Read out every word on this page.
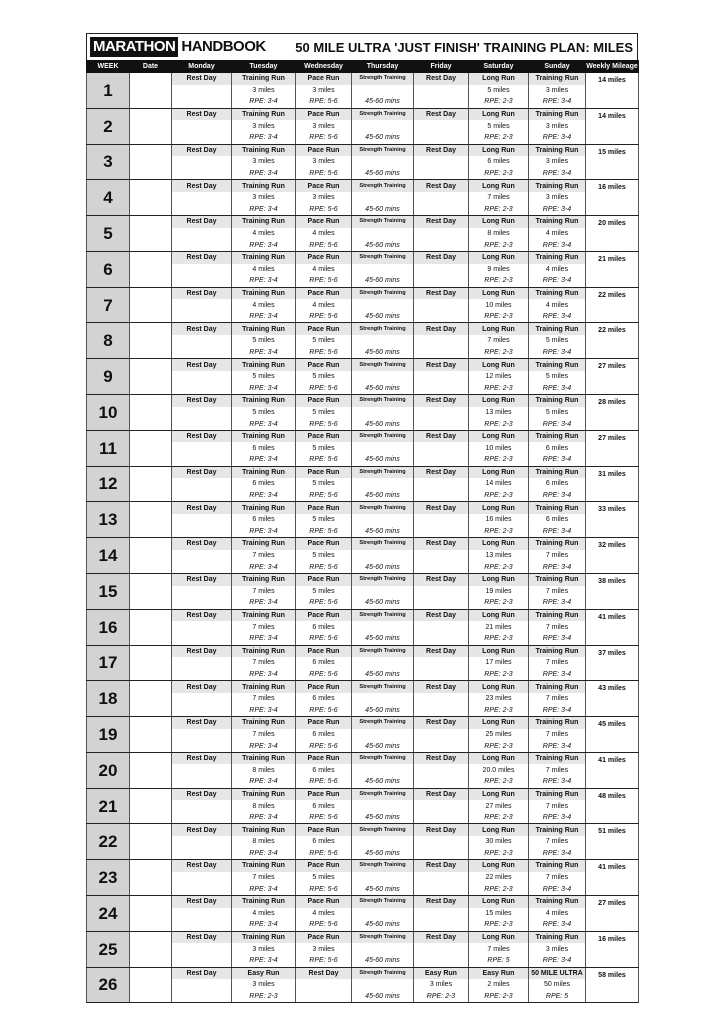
MARATHON HANDBOOK	50 MILE ULTRA 'JUST FINISH' TRAINING PLAN: MILES
WEEK	Date	Monday	Tuesday	Wednesday	Thursday	Friday	Saturday	Sunday	Weekly Mileage
1		Rest Day	Training Run	Pace Run	Strength Training	Rest Day	Long Run	Training Run	14 miles
			3 miles	3 miles			5 miles	3 miles	
			RPE: 3-4	RPE: 5-6	45-60 mins		RPE: 2-3	RPE: 3-4	
2		Rest Day	Training Run	Pace Run	Strength Training	Rest Day	Long Run	Training Run	14 miles
			3 miles	3 miles			5 miles	3 miles	
			RPE: 3-4	RPE: 5-6	45-60 mins		RPE: 2-3	RPE: 3-4	
3		Rest Day	Training Run	Pace Run	Strength Training	Rest Day	Long Run	Training Run	15 miles
			3 miles	3 miles			6 miles	3 miles	
			RPE: 3-4	RPE: 5-6	45-60 mins		RPE: 2-3	RPE: 3-4	
4		Rest Day	Training Run	Pace Run	Strength Training	Rest Day	Long Run	Training Run	16 miles
			3 miles	3 miles			7 miles	3 miles	
			RPE: 3-4	RPE: 5-6	45-60 mins		RPE: 2-3	RPE: 3-4	
5		Rest Day	Training Run	Pace Run	Strength Training	Rest Day	Long Run	Training Run	20 miles
			4 miles	4 miles			8 miles	4 miles	
			RPE: 3-4	RPE: 5-6	45-60 mins		RPE: 2-3	RPE: 3-4	
6		Rest Day	Training Run	Pace Run	Strength Training	Rest Day	Long Run	Training Run	21 miles
			4 miles	4 miles			9 miles	4 miles	
			RPE: 3-4	RPE: 5-6	45-60 mins		RPE: 2-3	RPE: 3-4	
7		Rest Day	Training Run	Pace Run	Strength Training	Rest Day	Long Run	Training Run	22 miles
			4 miles	4 miles			10 miles	4 miles	
			RPE: 3-4	RPE: 5-6	45-60 mins		RPE: 2-3	RPE: 3-4	
8		Rest Day	Training Run	Pace Run	Strength Training	Rest Day	Long Run	Training Run	22 miles
			5 miles	5 miles			7 miles	5 miles	
			RPE: 3-4	RPE: 5-6	45-60 mins		RPE: 2-3	RPE: 3-4	
9		Rest Day	Training Run	Pace Run	Strength Training	Rest Day	Long Run	Training Run	27 miles
			5 miles	5 miles			12 miles	5 miles	
			RPE: 3-4	RPE: 5-6	45-60 mins		RPE: 2-3	RPE: 3-4	
10		Rest Day	Training Run	Pace Run	Strength Training	Rest Day	Long Run	Training Run	28 miles
			5 miles	5 miles			13 miles	5 miles	
			RPE: 3-4	RPE: 5-6	45-60 mins		RPE: 2-3	RPE: 3-4	
11		Rest Day	Training Run	Pace Run	Strength Training	Rest Day	Long Run	Training Run	27 miles
			6 miles	5 miles			10 miles	6 miles	
			RPE: 3-4	RPE: 5-6	45-60 mins		RPE: 2-3	RPE: 3-4	
12		Rest Day	Training Run	Pace Run	Strength Training	Rest Day	Long Run	Training Run	31 miles
			6 miles	5 miles			14 miles	6 miles	
			RPE: 3-4	RPE: 5-6	45-60 mins		RPE: 2-3	RPE: 3-4	
13		Rest Day	Training Run	Pace Run	Strength Training	Rest Day	Long Run	Training Run	33 miles
			6 miles	5 miles			16 miles	6 miles	
			RPE: 3-4	RPE: 5-6	45-60 mins		RPE: 2-3	RPE: 3-4	
14		Rest Day	Training Run	Pace Run	Strength Training	Rest Day	Long Run	Training Run	32 miles
			7 miles	5 miles			13 miles	7 miles	
			RPE: 3-4	RPE: 5-6	45-60 mins		RPE: 2-3	RPE: 3-4	
15		Rest Day	Training Run	Pace Run	Strength Training	Rest Day	Long Run	Training Run	38 miles
			7 miles	5 miles			19 miles	7 miles	
			RPE: 3-4	RPE: 5-6	45-60 mins		RPE: 2-3	RPE: 3-4	
16		Rest Day	Training Run	Pace Run	Strength Training	Rest Day	Long Run	Training Run	41 miles
			7 miles	6 miles			21 miles	7 miles	
			RPE: 3-4	RPE: 5-6	45-60 mins		RPE: 2-3	RPE: 3-4	
17		Rest Day	Training Run	Pace Run	Strength Training	Rest Day	Long Run	Training Run	37 miles
			7 miles	6 miles			17 miles	7 miles	
			RPE: 3-4	RPE: 5-6	45-60 mins		RPE: 2-3	RPE: 3-4	
18		Rest Day	Training Run	Pace Run	Strength Training	Rest Day	Long Run	Training Run	43 miles
			7 miles	6 miles			23 miles	7 miles	
			RPE: 3-4	RPE: 5-6	45-60 mins		RPE: 2-3	RPE: 3-4	
19		Rest Day	Training Run	Pace Run	Strength Training	Rest Day	Long Run	Training Run	45 miles
			7 miles	6 miles			25 miles	7 miles	
			RPE: 3-4	RPE: 5-6	45-60 mins		RPE: 2-3	RPE: 3-4	
20		Rest Day	Training Run	Pace Run	Strength Training	Rest Day	Long Run	Training Run	41 miles
			8 miles	6 miles			20.0 miles	7 miles	
			RPE: 3-4	RPE: 5-6	45-60 mins		RPE: 2-3	RPE: 3-4	
21		Rest Day	Training Run	Pace Run	Strength Training	Rest Day	Long Run	Training Run	48 miles
			8 miles	6 miles			27 miles	7 miles	
			RPE: 3-4	RPE: 5-6	45-60 mins		RPE: 2-3	RPE: 3-4	
22		Rest Day	Training Run	Pace Run	Strength Training	Rest Day	Long Run	Training Run	51 miles
			8 miles	6 miles			30 miles	7 miles	
			RPE: 3-4	RPE: 5-6	45-60 mins		RPE: 2-3	RPE: 3-4	
23		Rest Day	Training Run	Pace Run	Strength Training	Rest Day	Long Run	Training Run	41 miles
			7 miles	5 miles			22 miles	7 miles	
			RPE: 3-4	RPE: 5-6	45-60 mins		RPE: 2-3	RPE: 3-4	
24		Rest Day	Training Run	Pace Run	Strength Training	Rest Day	Long Run	Training Run	27 miles
			4 miles	4 miles			15 miles	4 miles	
			RPE: 3-4	RPE: 5-6	45-60 mins		RPE: 2-3	RPE: 3-4	
25		Rest Day	Training Run	Pace Run	Strength Training	Rest Day	Long Run	Training Run	16 miles
			3 miles	3 miles			7 miles	3 miles	
			RPE: 3-4	RPE: 5-6	45-60 mins		RPE: 5	RPE: 3-4	
26		Rest Day	Easy Run	Rest Day	Strength Training	Easy Run	Easy Run	50 MILE ULTRA	58 miles
			3 miles			3 miles	2 miles	50 miles	
			RPE: 2-3		45-60 mins	RPE: 2-3	RPE: 2-3	RPE: 5	
